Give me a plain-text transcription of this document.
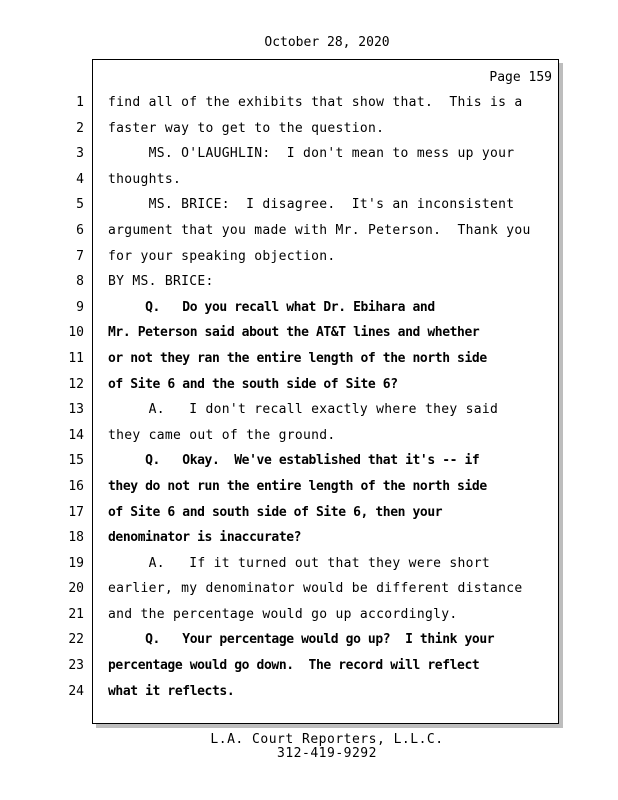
October 28, 2020
Page 159
1 find all of the exhibits that show that.  This is a
2 faster way to get to the question.
3 MS. O'LAUGHLIN:  I don't mean to mess up your
4 thoughts.
5 MS. BRICE:  I disagree.  It's an inconsistent
6 argument that you made with Mr. Peterson.  Thank you
7 for your speaking objection.
8 BY MS. BRICE:
9 Q.   Do you recall what Dr. Ebihara and
10 Mr. Peterson said about the AT&T lines and whether
11 or not they ran the entire length of the north side
12 of Site 6 and the south side of Site 6?
13 A.   I don't recall exactly where they said
14 they came out of the ground.
15 Q.   Okay.  We've established that it's -- if
16 they do not run the entire length of the north side
17 of Site 6 and south side of Site 6, then your
18 denominator is inaccurate?
19 A.   If it turned out that they were short
20 earlier, my denominator would be different distance
21 and the percentage would go up accordingly.
22 Q.   Your percentage would go up?  I think your
23 percentage would go down.  The record will reflect
24 what it reflects.
L.A. Court Reporters, L.L.C.
312-419-9292
